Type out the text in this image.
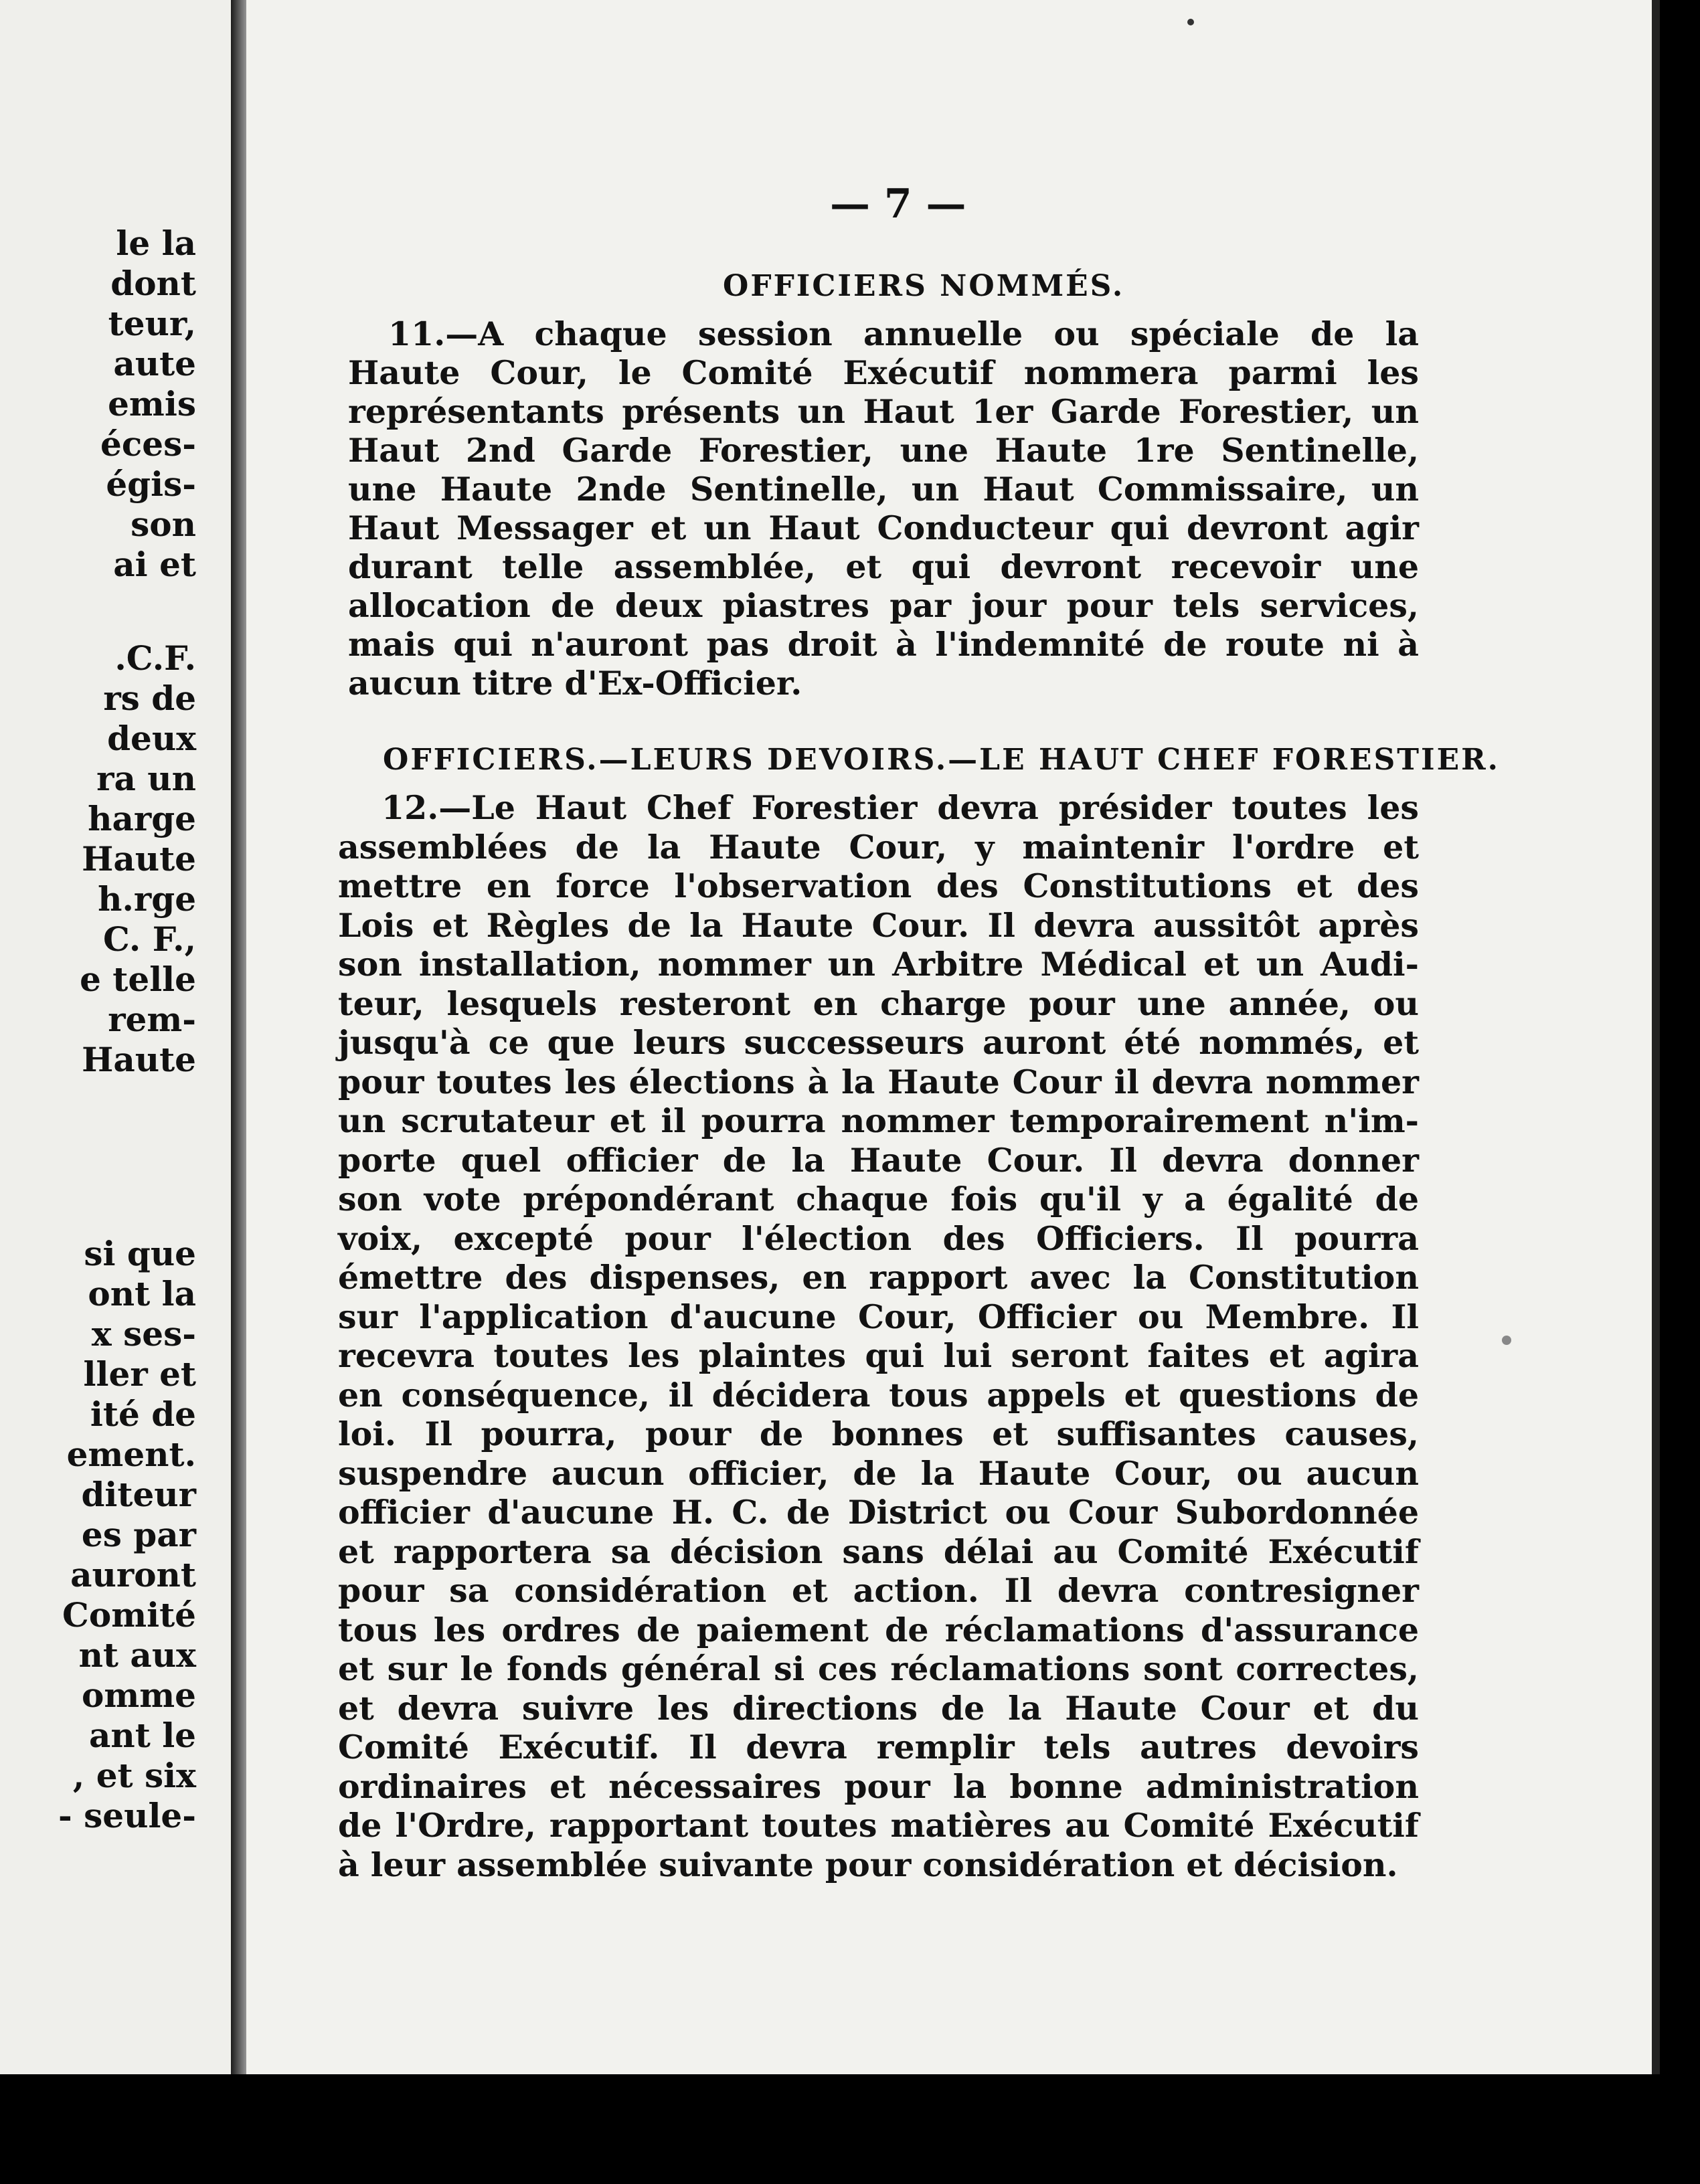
le la
dont
teur,
aute
emis
éces-
égis-
son
ai et
.C.F.
rs de
deux
ra un
harge
Haute
h.rge
C. F.,
e telle
rem-
Haute
si que
ont la
x ses-
ller et
ité de
ement.
diteur
es par
auront
Comité
nt aux
omme
ant le
, et six
- seule-
— 7 —
OFFICIERS NOMMÉS.
11.—A chaque session annuelle ou spéciale de la
Haute Cour, le Comité Exécutif nommera parmi les
représentants présents un Haut 1er Garde Forestier, un
Haut 2nd Garde Forestier, une Haute 1re Sentinelle,
une Haute 2nde Sentinelle, un Haut Commissaire, un
Haut Messager et un Haut Conducteur qui devront agir
durant telle assemblée, et qui devront recevoir une
allocation de deux piastres par jour pour tels services,
mais qui n'auront pas droit à l'indemnité de route ni à
aucun titre d'Ex-Officier.
OFFICIERS.—LEURS DEVOIRS.—LE HAUT CHEF FORESTIER.
12.—Le Haut Chef Forestier devra présider toutes les
assemblées de la Haute Cour, y maintenir l'ordre et
mettre en force l'observation des Constitutions et des
Lois et Règles de la Haute Cour. Il devra aussitôt après
son installation, nommer un Arbitre Médical et un Audi-
teur, lesquels resteront en charge pour une année, ou
jusqu'à ce que leurs successeurs auront été nommés, et
pour toutes les élections à la Haute Cour il devra nommer
un scrutateur et il pourra nommer temporairement n'im-
porte quel officier de la Haute Cour. Il devra donner
son vote prépondérant chaque fois qu'il y a égalité de
voix, excepté pour l'élection des Officiers. Il pourra
émettre des dispenses, en rapport avec la Constitution
sur l'application d'aucune Cour, Officier ou Membre. Il
recevra toutes les plaintes qui lui seront faites et agira
en conséquence, il décidera tous appels et questions de
loi. Il pourra, pour de bonnes et suffisantes causes,
suspendre aucun officier, de la Haute Cour, ou aucun
officier d'aucune H. C. de District ou Cour Subordonnée
et rapportera sa décision sans délai au Comité Exécutif
pour sa considération et action. Il devra contresigner
tous les ordres de paiement de réclamations d'assurance
et sur le fonds général si ces réclamations sont correctes,
et devra suivre les directions de la Haute Cour et du
Comité Exécutif. Il devra remplir tels autres devoirs
ordinaires et nécessaires pour la bonne administration
de l'Ordre, rapportant toutes matières au Comité Exécutif
à leur assemblée suivante pour considération et décision.
